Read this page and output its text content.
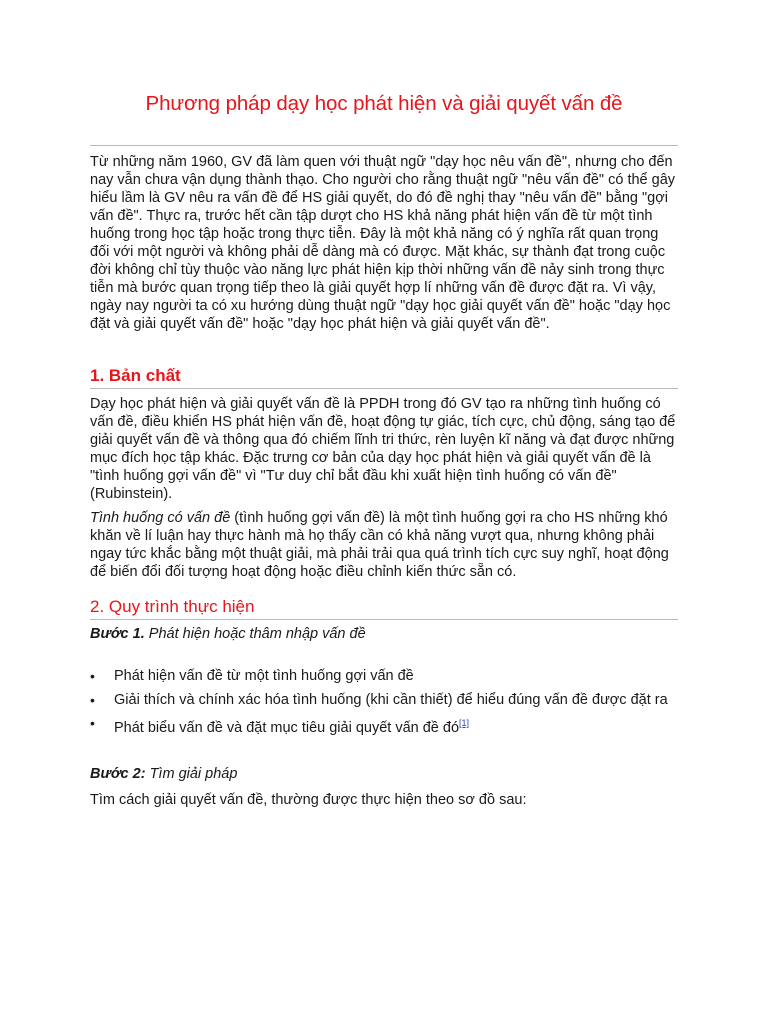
Phương pháp dạy học phát hiện và giải quyết vấn đề

Từ những năm 1960, GV đã làm quen với thuật ngữ "dạy học nêu vấn đề", nhưng cho đến nay vẫn chưa vận dụng thành thạo. Cho người cho rằng thuật ngữ "nêu vấn đề" có thể gây hiểu lầm là GV nêu ra vấn đề để HS giải quyết, do đó đề nghị thay "nêu vấn đề" bằng "gợi vấn đề". Thực ra, trước hết cần tập dượt cho HS khả năng phát hiện vấn đề từ một tình huống trong học tập hoặc trong thực tiễn. Đây là một khả năng có ý nghĩa rất quan trọng đối với một người và không phải dễ dàng mà có được. Mặt khác, sự thành đạt trong cuộc đời không chỉ tùy thuộc vào năng lực phát hiện kịp thời những vấn đề nảy sinh trong thực tiễn mà bước quan trọng tiếp theo là giải quyết hợp lí những vấn đề được đặt ra. Vì vậy, ngày nay người ta có xu hướng dùng thuật ngữ "dạy học giải quyết vấn đề" hoặc "dạy học đặt và giải quyết vấn đề" hoặc "dạy học phát hiện và giải quyết vấn đề".

1. Bản chất

Dạy học phát hiện và giải quyết vấn đề là PPDH trong đó GV tạo ra những tình huống có vấn đề, điều khiển HS phát hiện vấn đề, hoạt động tự giác, tích cực, chủ động, sáng tạo để giải quyết vấn đề và thông qua đó chiếm lĩnh tri thức, rèn luyện kĩ năng và đạt được những mục đích học tập khác. Đặc trưng cơ bản của dạy học phát hiện và giải quyết vấn đề là "tình huống gợi vấn đề" vì "Tư duy chỉ bắt đầu khi xuất hiện tình huống có vấn đề" (Rubinstein).

Tình huống có vấn đề (tình huống gợi vấn đề) là một tình huống gợi ra cho HS những khó khăn về lí luận hay thực hành mà họ thấy cần có khả năng vượt qua, nhưng không phải ngay tức khắc bằng một thuật giải, mà phải trải qua quá trình tích cực suy nghĩ, hoạt động để biến đổi đối tượng hoạt động hoặc điều chỉnh kiến thức sẵn có.

2. Quy trình thực hiện

Bước 1. Phát hiện hoặc thâm nhập vấn đề

• Phát hiện vấn đề từ một tình huống gợi vấn đề
• Giải thích và chính xác hóa tình huống (khi cần thiết) để hiểu đúng vấn đề được đặt ra
• Phát biểu vấn đề và đặt mục tiêu giải quyết vấn đề đó[1]

Bước 2: Tìm giải pháp

Tìm cách giải quyết vấn đề, thường được thực hiện theo sơ đồ sau:
